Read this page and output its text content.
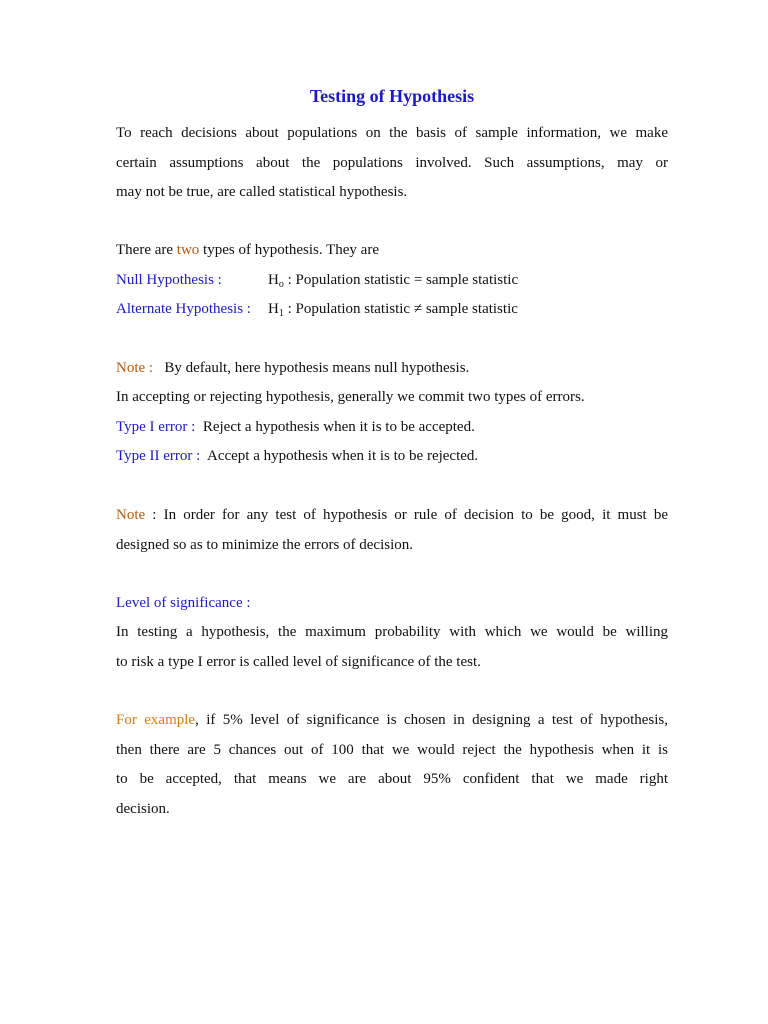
Testing of Hypothesis

To reach decisions about populations on the basis of sample information, we make

certain assumptions about the populations involved. Such assumptions, may or

may not be true, are called statistical hypothesis.

There are two types of hypothesis. They are

Null Hypothesis :	$H_o$ : Population statistic = sample statistic

Alternate Hypothesis : $H_1$ : Population statistic ≠ sample statistic

Note :   By default, here hypothesis means null hypothesis.

In accepting or rejecting hypothesis, generally we commit two types of errors.

Type I error :  Reject a hypothesis when it is to be accepted.

Type II error :  Accept a hypothesis when it is to be rejected.

Note : In order for any test of hypothesis or rule of decision to be good, it must be

designed so as to minimize the errors of decision.

Level of significance :

In testing a hypothesis, the maximum probability with which we would be willing

to risk a type I error is called level of significance of the test.

For example, if 5% level of significance is chosen in designing a test of hypothesis,

then there are 5 chances out of 100 that we would reject the hypothesis when it is

to be accepted, that means we are about 95% confident that we made right

decision.
